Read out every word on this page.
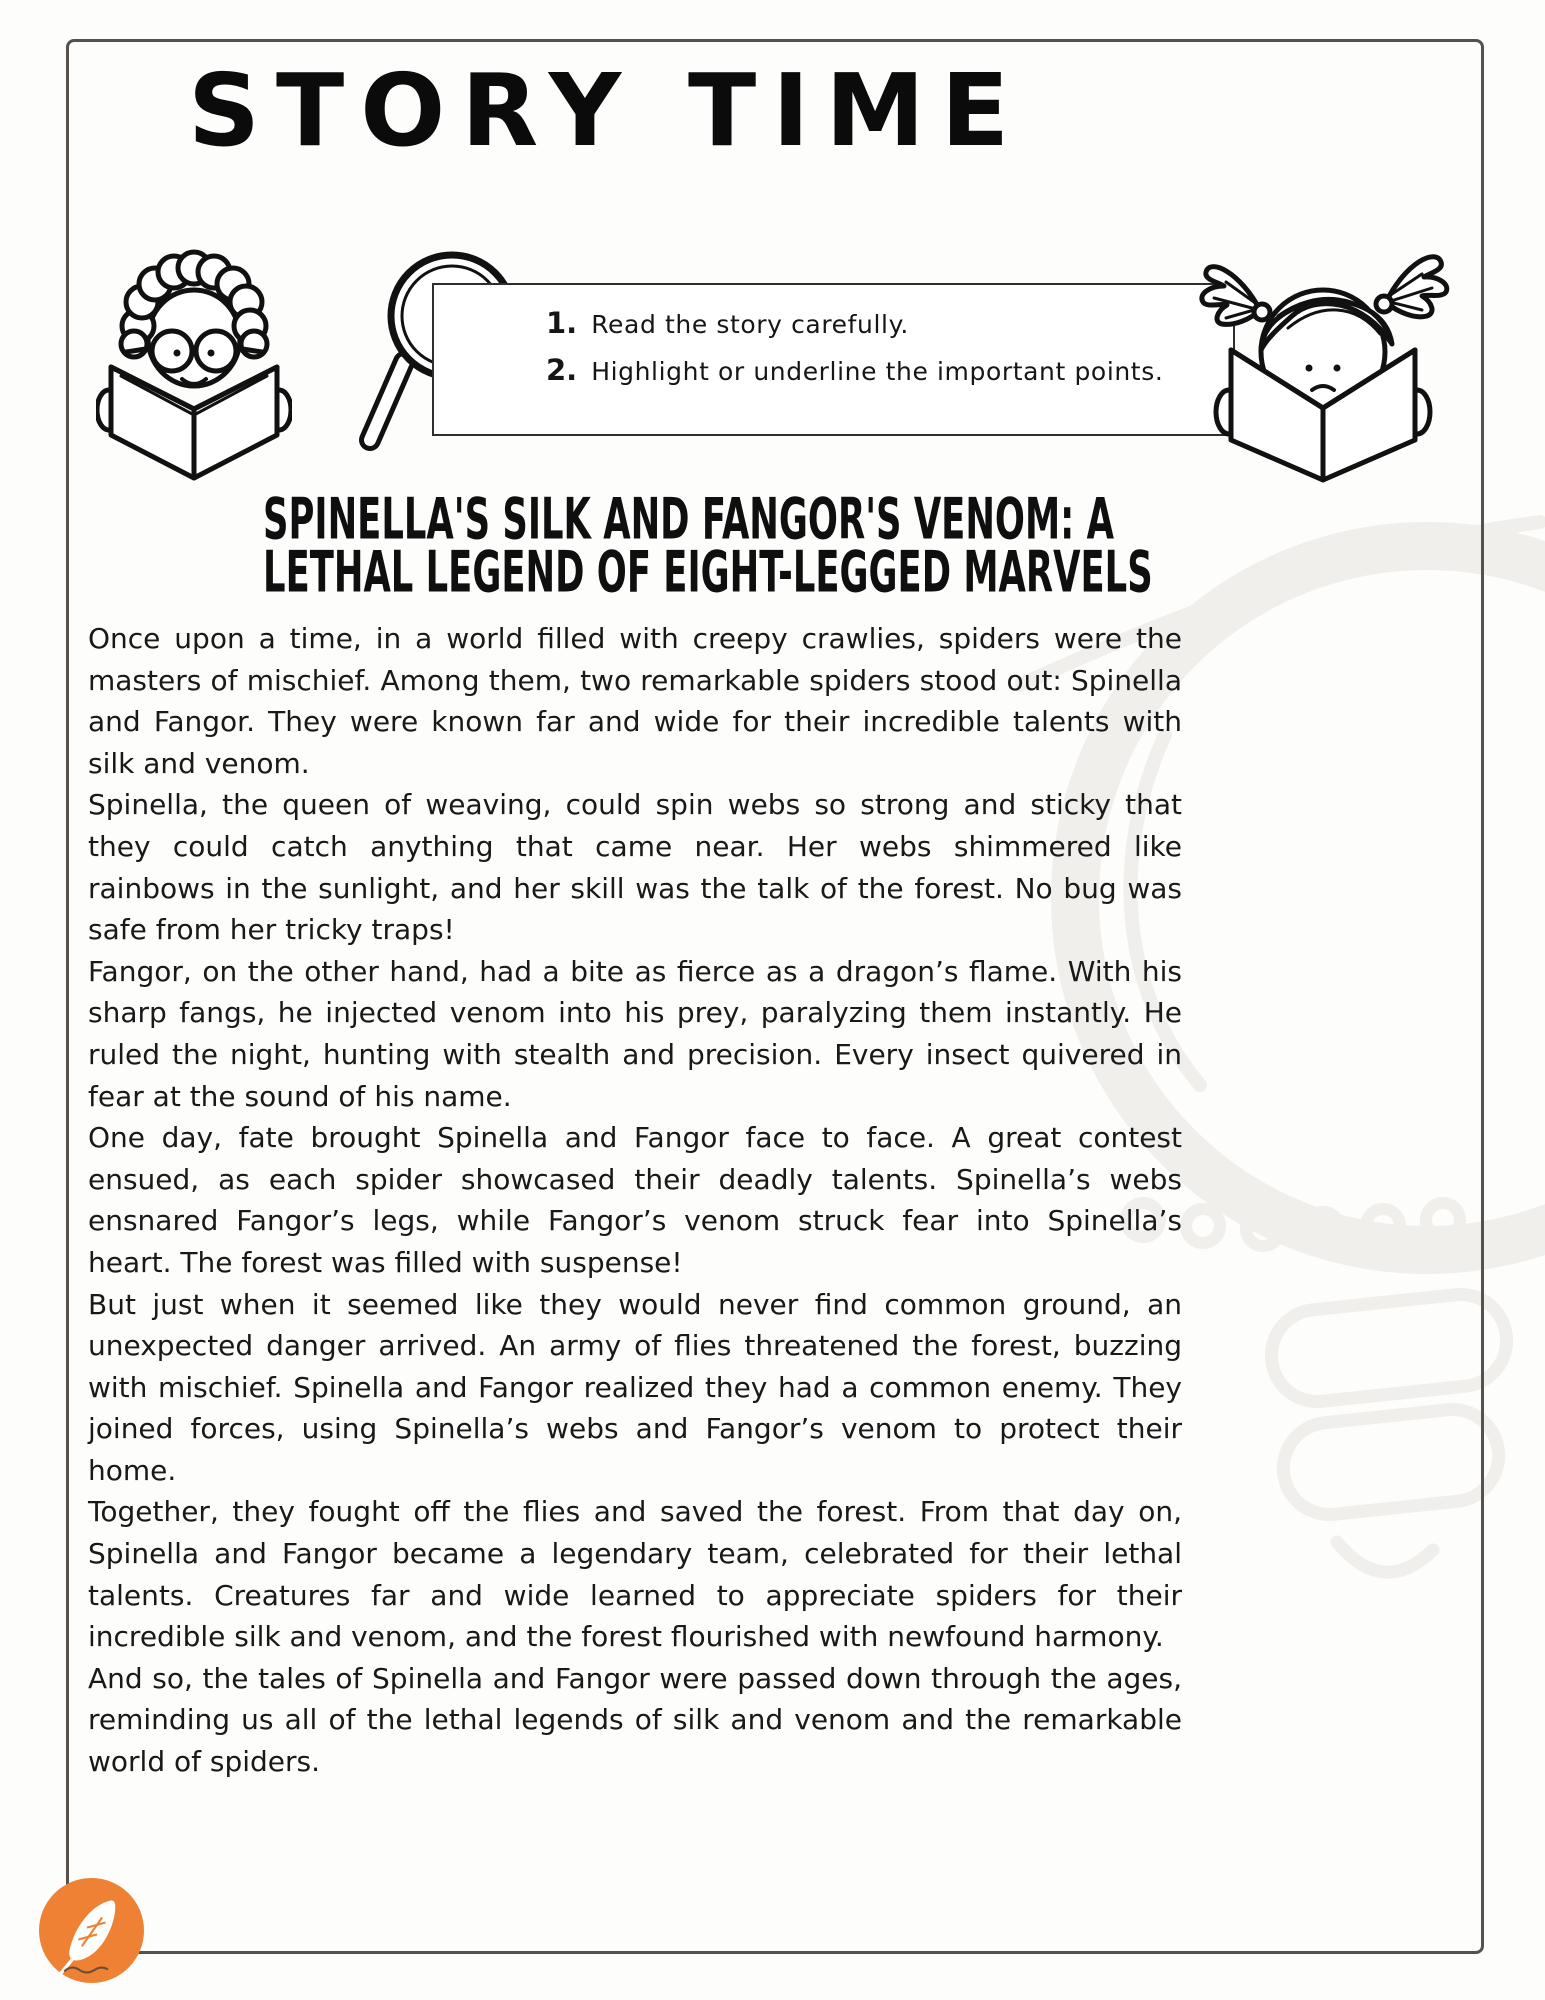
STORY TIME
1. Read the story carefully.
2. Highlight or underline the important points.
SPINELLA'S SILK AND FANGOR'S VENOM: A
LETHAL LEGEND OF EIGHT-LEGGED MARVELS

Once upon a time, in a world filled with creepy crawlies, spiders were the masters of mischief. Among them, two remarkable spiders stood out: Spinella and Fangor. They were known far and wide for their incredible talents with silk and venom.

Spinella, the queen of weaving, could spin webs so strong and sticky that they could catch anything that came near. Her webs shimmered like rainbows in the sunlight, and her skill was the talk of the forest. No bug was safe from her tricky traps!

Fangor, on the other hand, had a bite as fierce as a dragon’s flame. With his sharp fangs, he injected venom into his prey, paralyzing them instantly. He ruled the night, hunting with stealth and precision. Every insect quivered in fear at the sound of his name.

One day, fate brought Spinella and Fangor face to face. A great contest ensued, as each spider showcased their deadly talents. Spinella’s webs ensnared Fangor’s legs, while Fangor’s venom struck fear into Spinella’s heart. The forest was filled with suspense!

But just when it seemed like they would never find common ground, an unexpected danger arrived. An army of flies threatened the forest, buzzing with mischief. Spinella and Fangor realized they had a common enemy. They joined forces, using Spinella’s webs and Fangor’s venom to protect their home.

Together, they fought off the flies and saved the forest. From that day on, Spinella and Fangor became a legendary team, celebrated for their lethal talents. Creatures far and wide learned to appreciate spiders for their incredible silk and venom, and the forest flourished with newfound harmony.

And so, the tales of Spinella and Fangor were passed down through the ages, reminding us all of the lethal legends of silk and venom and the remarkable world of spiders.
